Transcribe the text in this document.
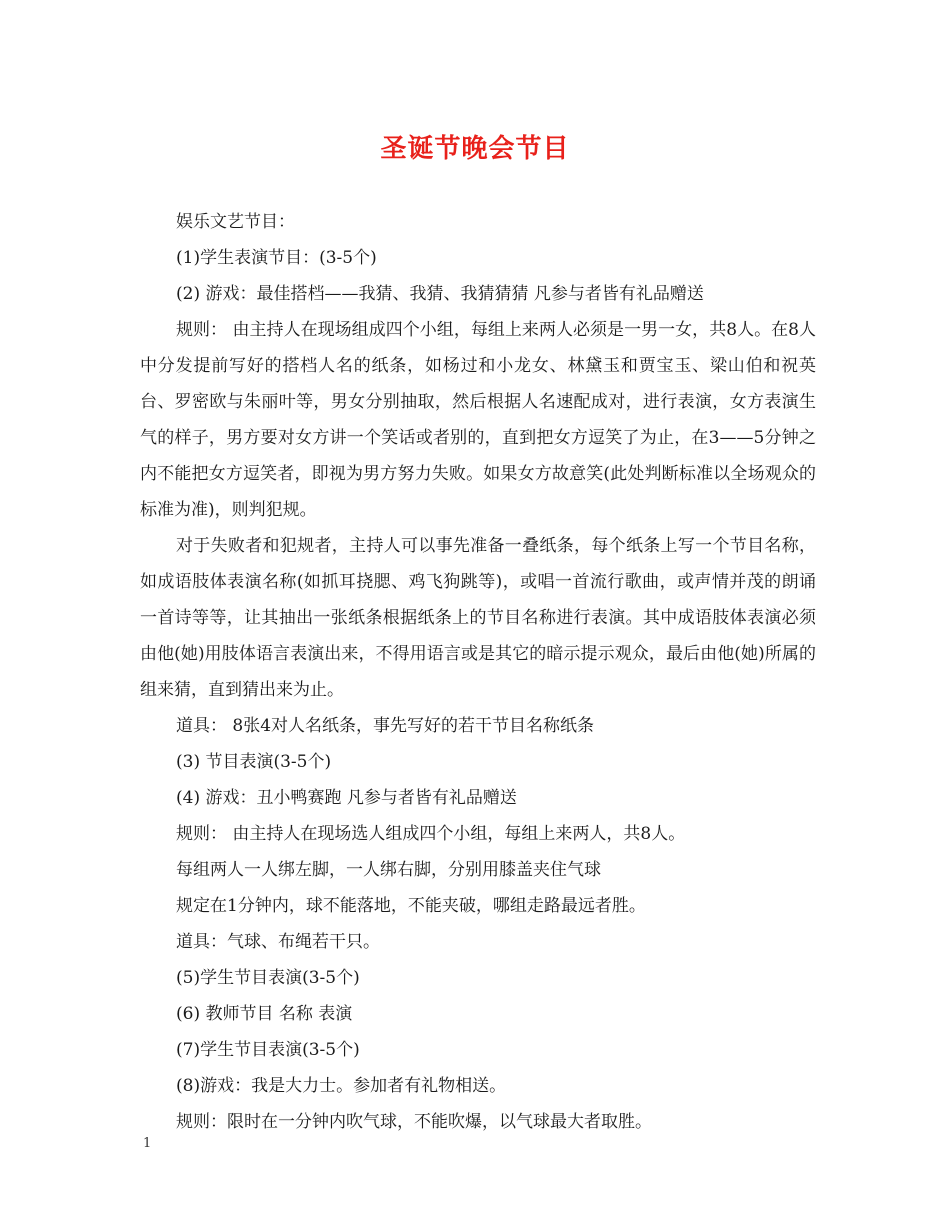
圣诞节晚会节目

娱乐文艺节目：

(1)学生表演节目：(3-5个)

(2) 游戏：最佳搭档——我猜、我猜、我猜猜猜 凡参与者皆有礼品赠送

规则： 由主持人在现场组成四个小组，每组上来两人必须是一男一女，共8人。在8人中分发提前写好的搭档人名的纸条，如杨过和小龙女、林黛玉和贾宝玉、梁山伯和祝英台、罗密欧与朱丽叶等，男女分别抽取，然后根据人名速配成对，进行表演，女方表演生气的样子，男方要对女方讲一个笑话或者别的，直到把女方逗笑了为止，在3——5分钟之内不能把女方逗笑者，即视为男方努力失败。如果女方故意笑(此处判断标准以全场观众的标准为准)，则判犯规。

对于失败者和犯规者，主持人可以事先准备一叠纸条，每个纸条上写一个节目名称，如成语肢体表演名称(如抓耳挠腮、鸡飞狗跳等)，或唱一首流行歌曲，或声情并茂的朗诵一首诗等等，让其抽出一张纸条根据纸条上的节目名称进行表演。其中成语肢体表演必须由他(她)用肢体语言表演出来，不得用语言或是其它的暗示提示观众，最后由他(她)所属的组来猜，直到猜出来为止。

道具： 8张4对人名纸条，事先写好的若干节目名称纸条

(3) 节目表演(3-5个)

(4) 游戏：丑小鸭赛跑 凡参与者皆有礼品赠送

规则： 由主持人在现场选人组成四个小组，每组上来两人，共8人。

每组两人一人绑左脚，一人绑右脚，分别用膝盖夹住气球

规定在1分钟内，球不能落地，不能夹破，哪组走路最远者胜。

道具：气球、布绳若干只。

(5)学生节目表演(3-5个)

(6) 教师节目 名称 表演

(7)学生节目表演(3-5个)

(8)游戏：我是大力士。参加者有礼物相送。

规则：限时在一分钟内吹气球，不能吹爆，以气球最大者取胜。

1
